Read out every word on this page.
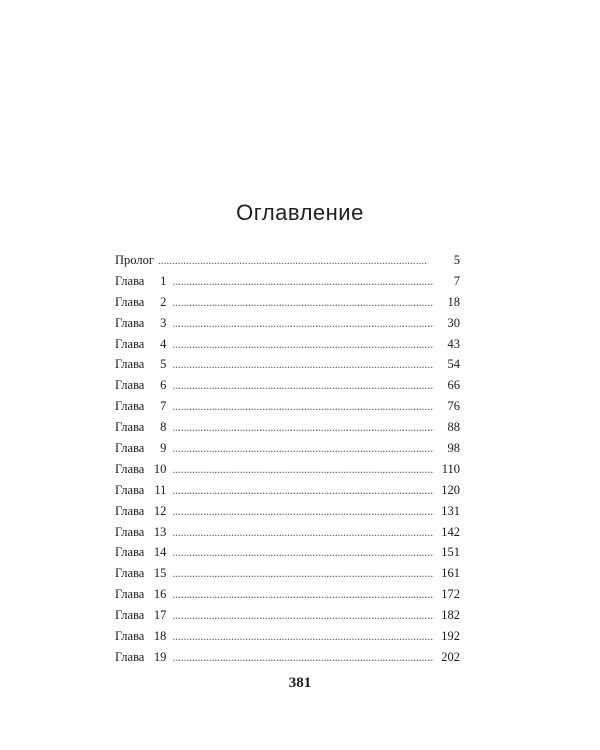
Оглавление
Пролог . . .	5
Глава	1 . . .	7
Глава	2 . . .	18
Глава	3 . . .	30
Глава	4 . . .	43
Глава	5 . . .	54
Глава	6 . . .	66
Глава	7 . . .	76
Глава	8 . . .	88
Глава	9 . . .	98
Глава 10 . . .	110
Глава 11 . . .	120
Глава 12 . . .	131
Глава 13 . . .	142
Глава 14 . . .	151
Глава 15 . . .	161
Глава 16 . . .	172
Глава 17 . . .	182
Глава 18 . . .	192
Глава 19 . . .	202

381
